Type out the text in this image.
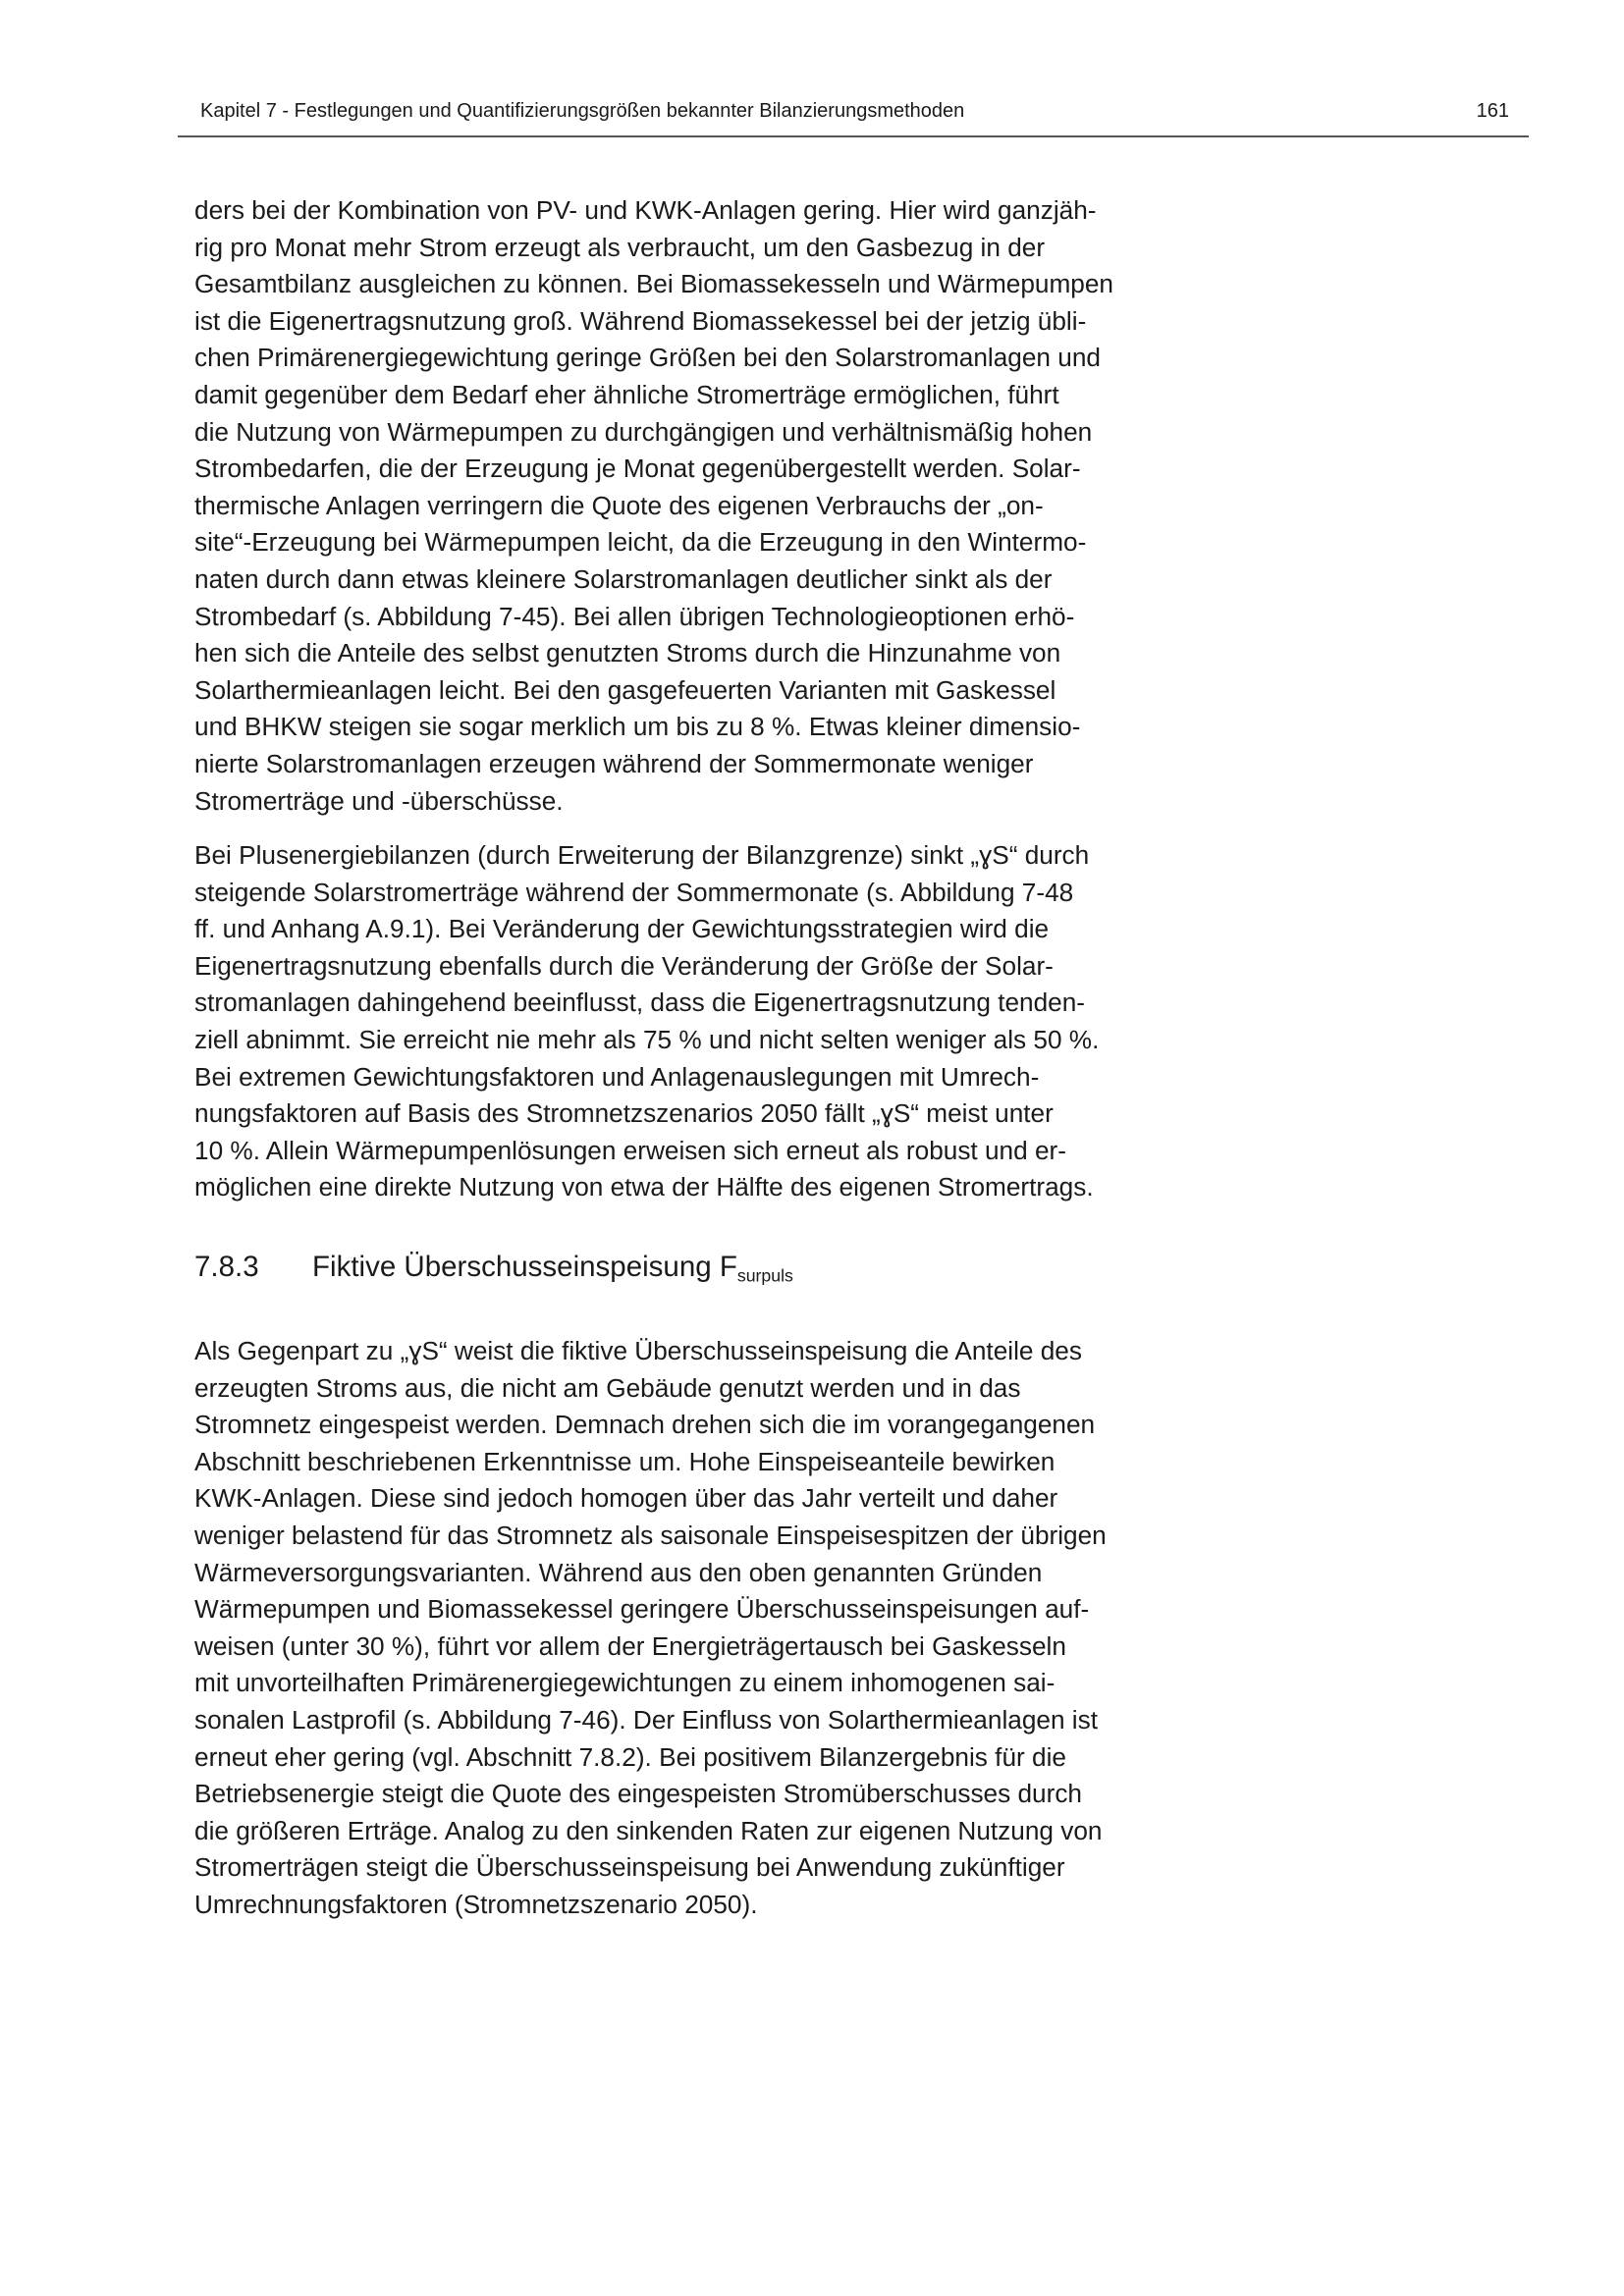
Kapitel 7 - Festlegungen und Quantifizierungsgrößen bekannter Bilanzierungsmethoden	161
ders bei der Kombination von PV- und KWK-Anlagen gering. Hier wird ganzjäh-
rig pro Monat mehr Strom erzeugt als verbraucht, um den Gasbezug in der
Gesamtbilanz ausgleichen zu können. Bei Biomassekesseln und Wärmepumpen
ist die Eigenertragsnutzung groß. Während Biomassekessel bei der jetzig übli-
chen Primärenergiegewichtung geringe Größen bei den Solarstromanlagen und
damit gegenüber dem Bedarf eher ähnliche Stromerträge ermöglichen, führt
die Nutzung von Wärmepumpen zu durchgängigen und verhältnismäßig hohen
Strombedarfen, die der Erzeugung je Monat gegenübergestellt werden. Solar-
thermische Anlagen verringern die Quote des eigenen Verbrauchs der „on-
site“-Erzeugung bei Wärmepumpen leicht, da die Erzeugung in den Wintermo-
naten durch dann etwas kleinere Solarstromanlagen deutlicher sinkt als der
Strombedarf (s. Abbildung 7-45). Bei allen übrigen Technologieoptionen erhö-
hen sich die Anteile des selbst genutzten Stroms durch die Hinzunahme von
Solarthermieanlagen leicht. Bei den gasgefeuerten Varianten mit Gaskessel
und BHKW steigen sie sogar merklich um bis zu 8 %. Etwas kleiner dimensio-
nierte Solarstromanlagen erzeugen während der Sommermonate weniger
Stromerträge und -überschüsse.
Bei Plusenergiebilanzen (durch Erweiterung der Bilanzgrenze) sinkt „ɣS“ durch
steigende Solarstromerträge während der Sommermonate (s. Abbildung 7-48
ff. und Anhang A.9.1). Bei Veränderung der Gewichtungsstrategien wird die
Eigenertragsnutzung ebenfalls durch die Veränderung der Größe der Solar-
stromanlagen dahingehend beeinflusst, dass die Eigenertragsnutzung tenden-
ziell abnimmt. Sie erreicht nie mehr als 75 % und nicht selten weniger als 50 %.
Bei extremen Gewichtungsfaktoren und Anlagenauslegungen mit Umrech-
nungsfaktoren auf Basis des Stromnetzszenarios 2050 fällt „ɣS“ meist unter
10 %. Allein Wärmepumpenlösungen erweisen sich erneut als robust und er-
möglichen eine direkte Nutzung von etwa der Hälfte des eigenen Stromertrags.
7.8.3 Fiktive Überschusseinspeisung $F_{surpuls}$
Als Gegenpart zu „ɣS“ weist die fiktive Überschusseinspeisung die Anteile des
erzeugten Stroms aus, die nicht am Gebäude genutzt werden und in das
Stromnetz eingespeist werden. Demnach drehen sich die im vorangegangenen
Abschnitt beschriebenen Erkenntnisse um. Hohe Einspeiseanteile bewirken
KWK-Anlagen. Diese sind jedoch homogen über das Jahr verteilt und daher
weniger belastend für das Stromnetz als saisonale Einspeisespitzen der übrigen
Wärmeversorgungsvarianten. Während aus den oben genannten Gründen
Wärmepumpen und Biomassekessel geringere Überschusseinspeisungen auf-
weisen (unter 30 %), führt vor allem der Energieträgertausch bei Gaskesseln
mit unvorteilhaften Primärenergiegewichtungen zu einem inhomogenen sai-
sonalen Lastprofil (s. Abbildung 7-46). Der Einfluss von Solarthermieanlagen ist
erneut eher gering (vgl. Abschnitt 7.8.2). Bei positivem Bilanzergebnis für die
Betriebsenergie steigt die Quote des eingespeisten Stromüberschusses durch
die größeren Erträge. Analog zu den sinkenden Raten zur eigenen Nutzung von
Stromerträgen steigt die Überschusseinspeisung bei Anwendung zukünftiger
Umrechnungsfaktoren (Stromnetzszenario 2050).
